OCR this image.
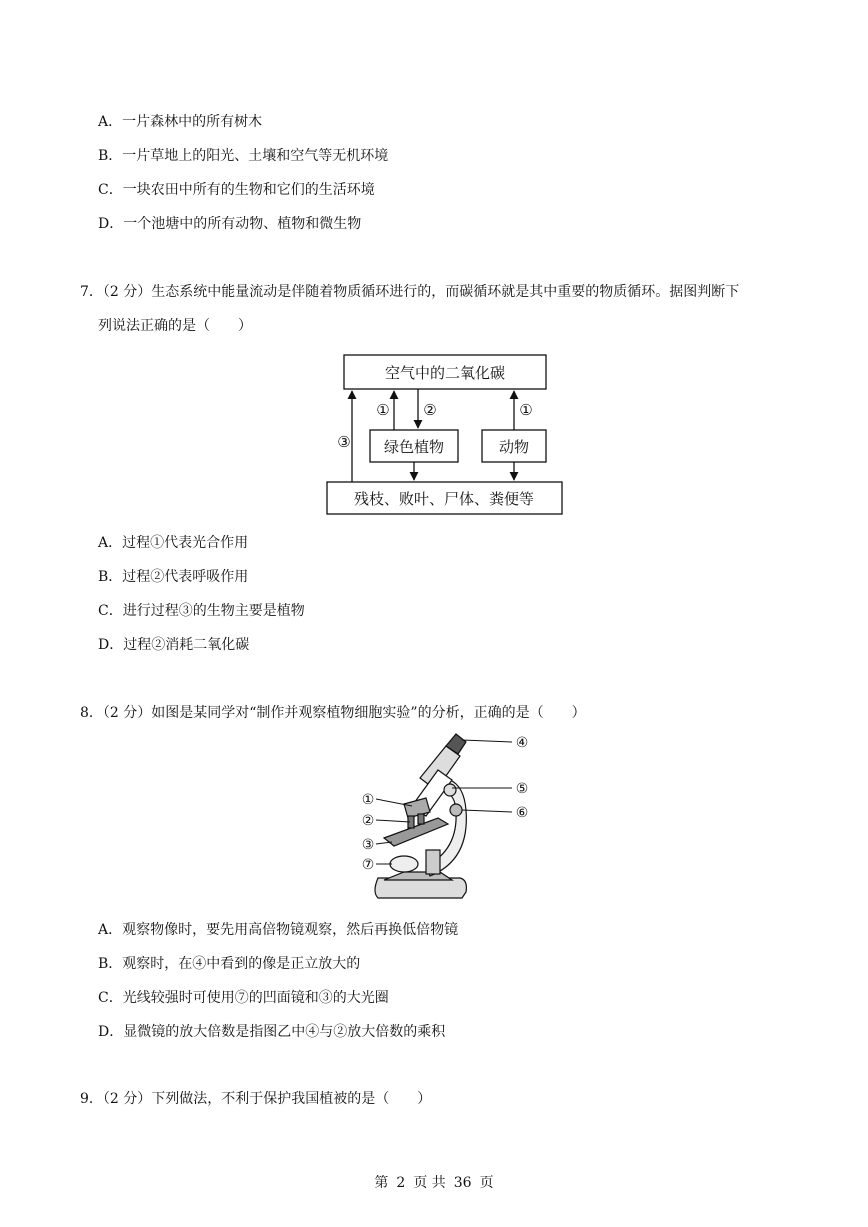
A．一片森林中的所有树木
B．一片草地上的阳光、土壤和空气等无机环境
C．一块农田中所有的生物和它们的生活环境
D．一个池塘中的所有动物、植物和微生物
7．（2 分）生态系统中能量流动是伴随着物质循环进行的，而碳循环就是其中重要的物质循环。据图判断下
列说法正确的是（　　）
空气中的二氧化碳
绿色植物	动物
残枝、败叶、尸体、粪便等
① ②	①
③
①
②
③
④
⑤
⑥
⑦
A．过程①代表光合作用
B．过程②代表呼吸作用
C．进行过程③的生物主要是植物
D．过程②消耗二氧化碳
8．（2 分）如图是某同学对“制作并观察植物细胞实验”的分析，正确的是（　　）
A．观察物像时，要先用高倍物镜观察，然后再换低倍物镜
B．观察时，在④中看到的像是正立放大的
C．光线较强时可使用⑦的凹面镜和③的大光圈
D．显微镜的放大倍数是指图乙中④与②放大倍数的乘积
9．（2 分）下列做法，不利于保护我国植被的是（　　）
第 2 页 共 36 页
